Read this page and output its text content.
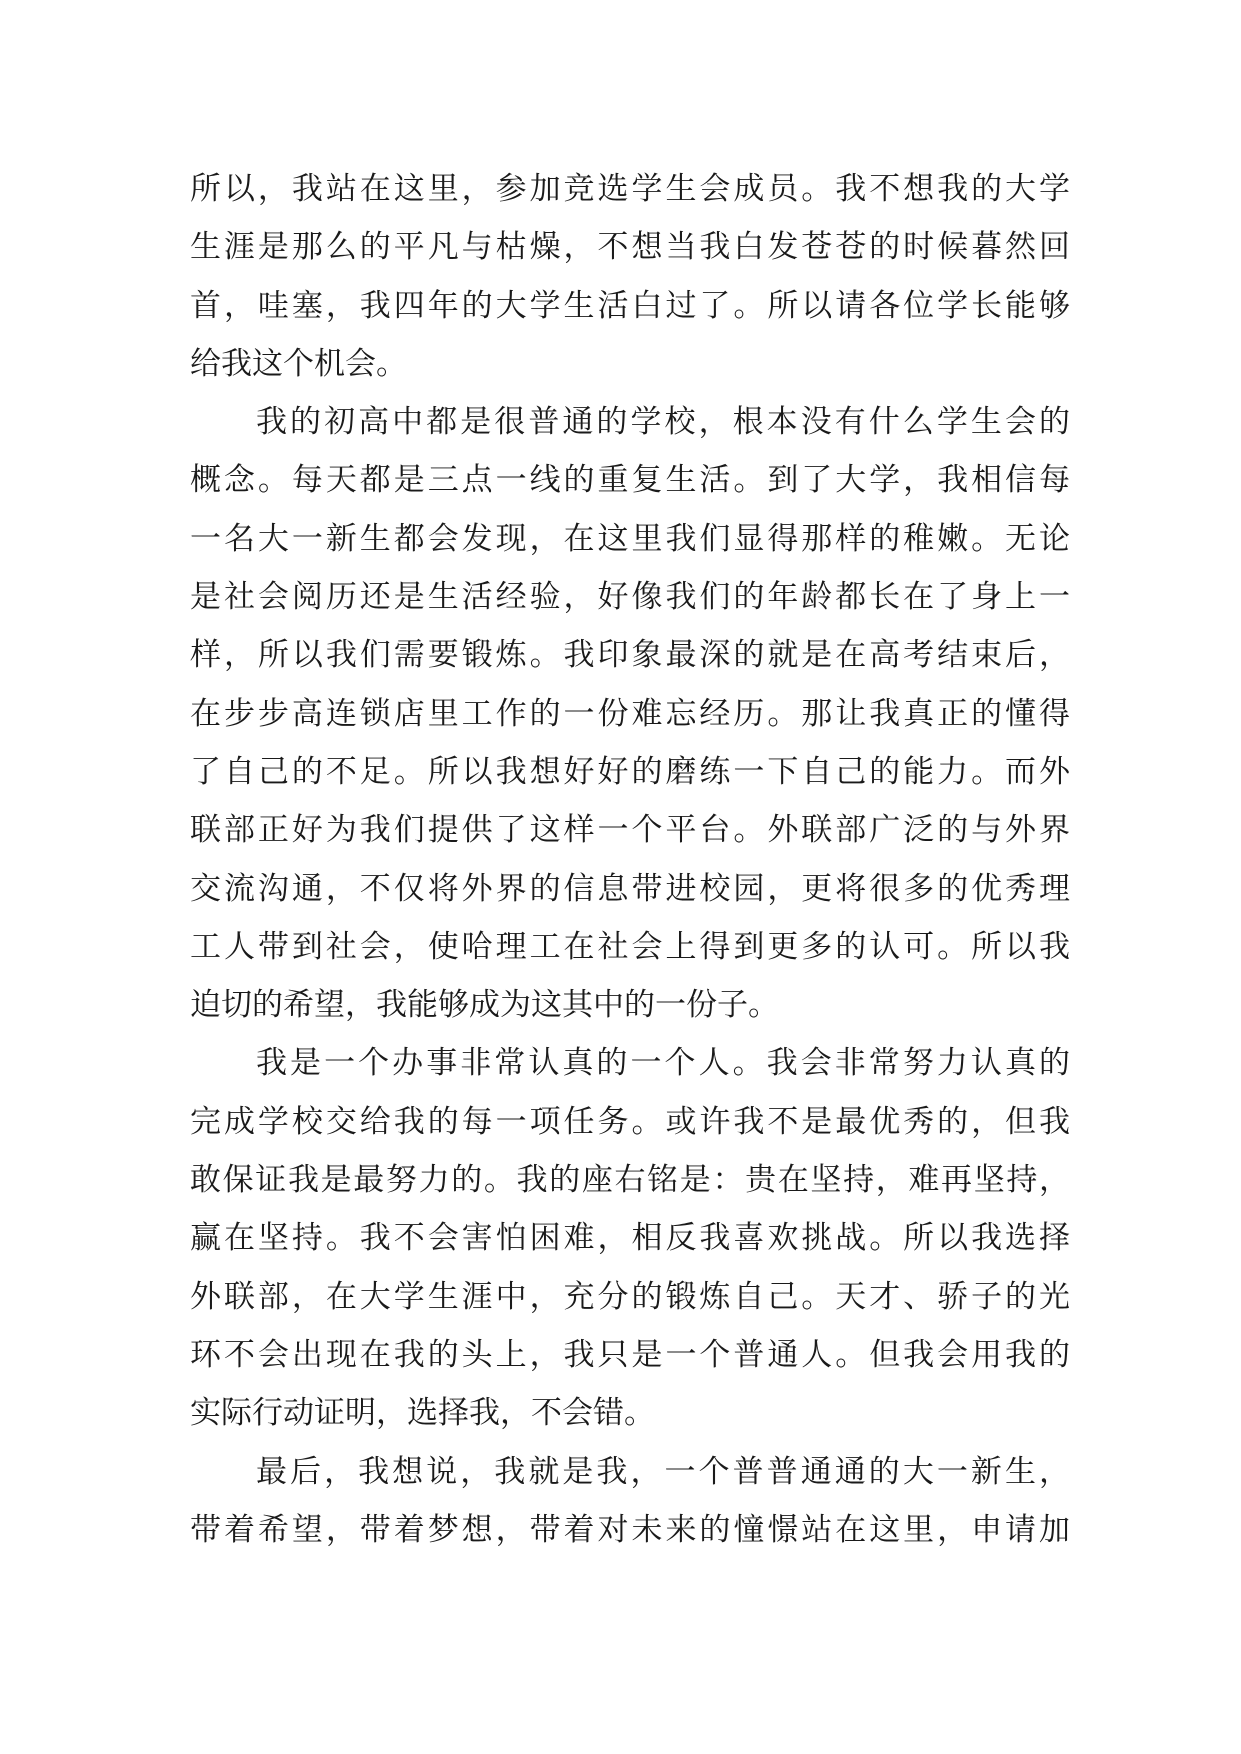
所以，我站在这里，参加竞选学生会成员。我不想我的大学
生涯是那么的平凡与枯燥，不想当我白发苍苍的时候暮然回
首，哇塞，我四年的大学生活白过了。所以请各位学长能够
给我这个机会。
我的初高中都是很普通的学校，根本没有什么学生会的
概念。每天都是三点一线的重复生活。到了大学，我相信每
一名大一新生都会发现，在这里我们显得那样的稚嫩。无论
是社会阅历还是生活经验，好像我们的年龄都长在了身上一
样，所以我们需要锻炼。我印象最深的就是在高考结束后，
在步步高连锁店里工作的一份难忘经历。那让我真正的懂得
了自己的不足。所以我想好好的磨练一下自己的能力。而外
联部正好为我们提供了这样一个平台。外联部广泛的与外界
交流沟通，不仅将外界的信息带进校园，更将很多的优秀理
工人带到社会，使哈理工在社会上得到更多的认可。所以我
迫切的希望，我能够成为这其中的一份子。
我是一个办事非常认真的一个人。我会非常努力认真的
完成学校交给我的每一项任务。或许我不是最优秀的，但我
敢保证我是最努力的。我的座右铭是：贵在坚持，难再坚持，
赢在坚持。我不会害怕困难，相反我喜欢挑战。所以我选择
外联部，在大学生涯中，充分的锻炼自己。天才、骄子的光
环不会出现在我的头上，我只是一个普通人。但我会用我的
实际行动证明，选择我，不会错。
最后，我想说，我就是我，一个普普通通的大一新生，
带着希望，带着梦想，带着对未来的憧憬站在这里，申请加
